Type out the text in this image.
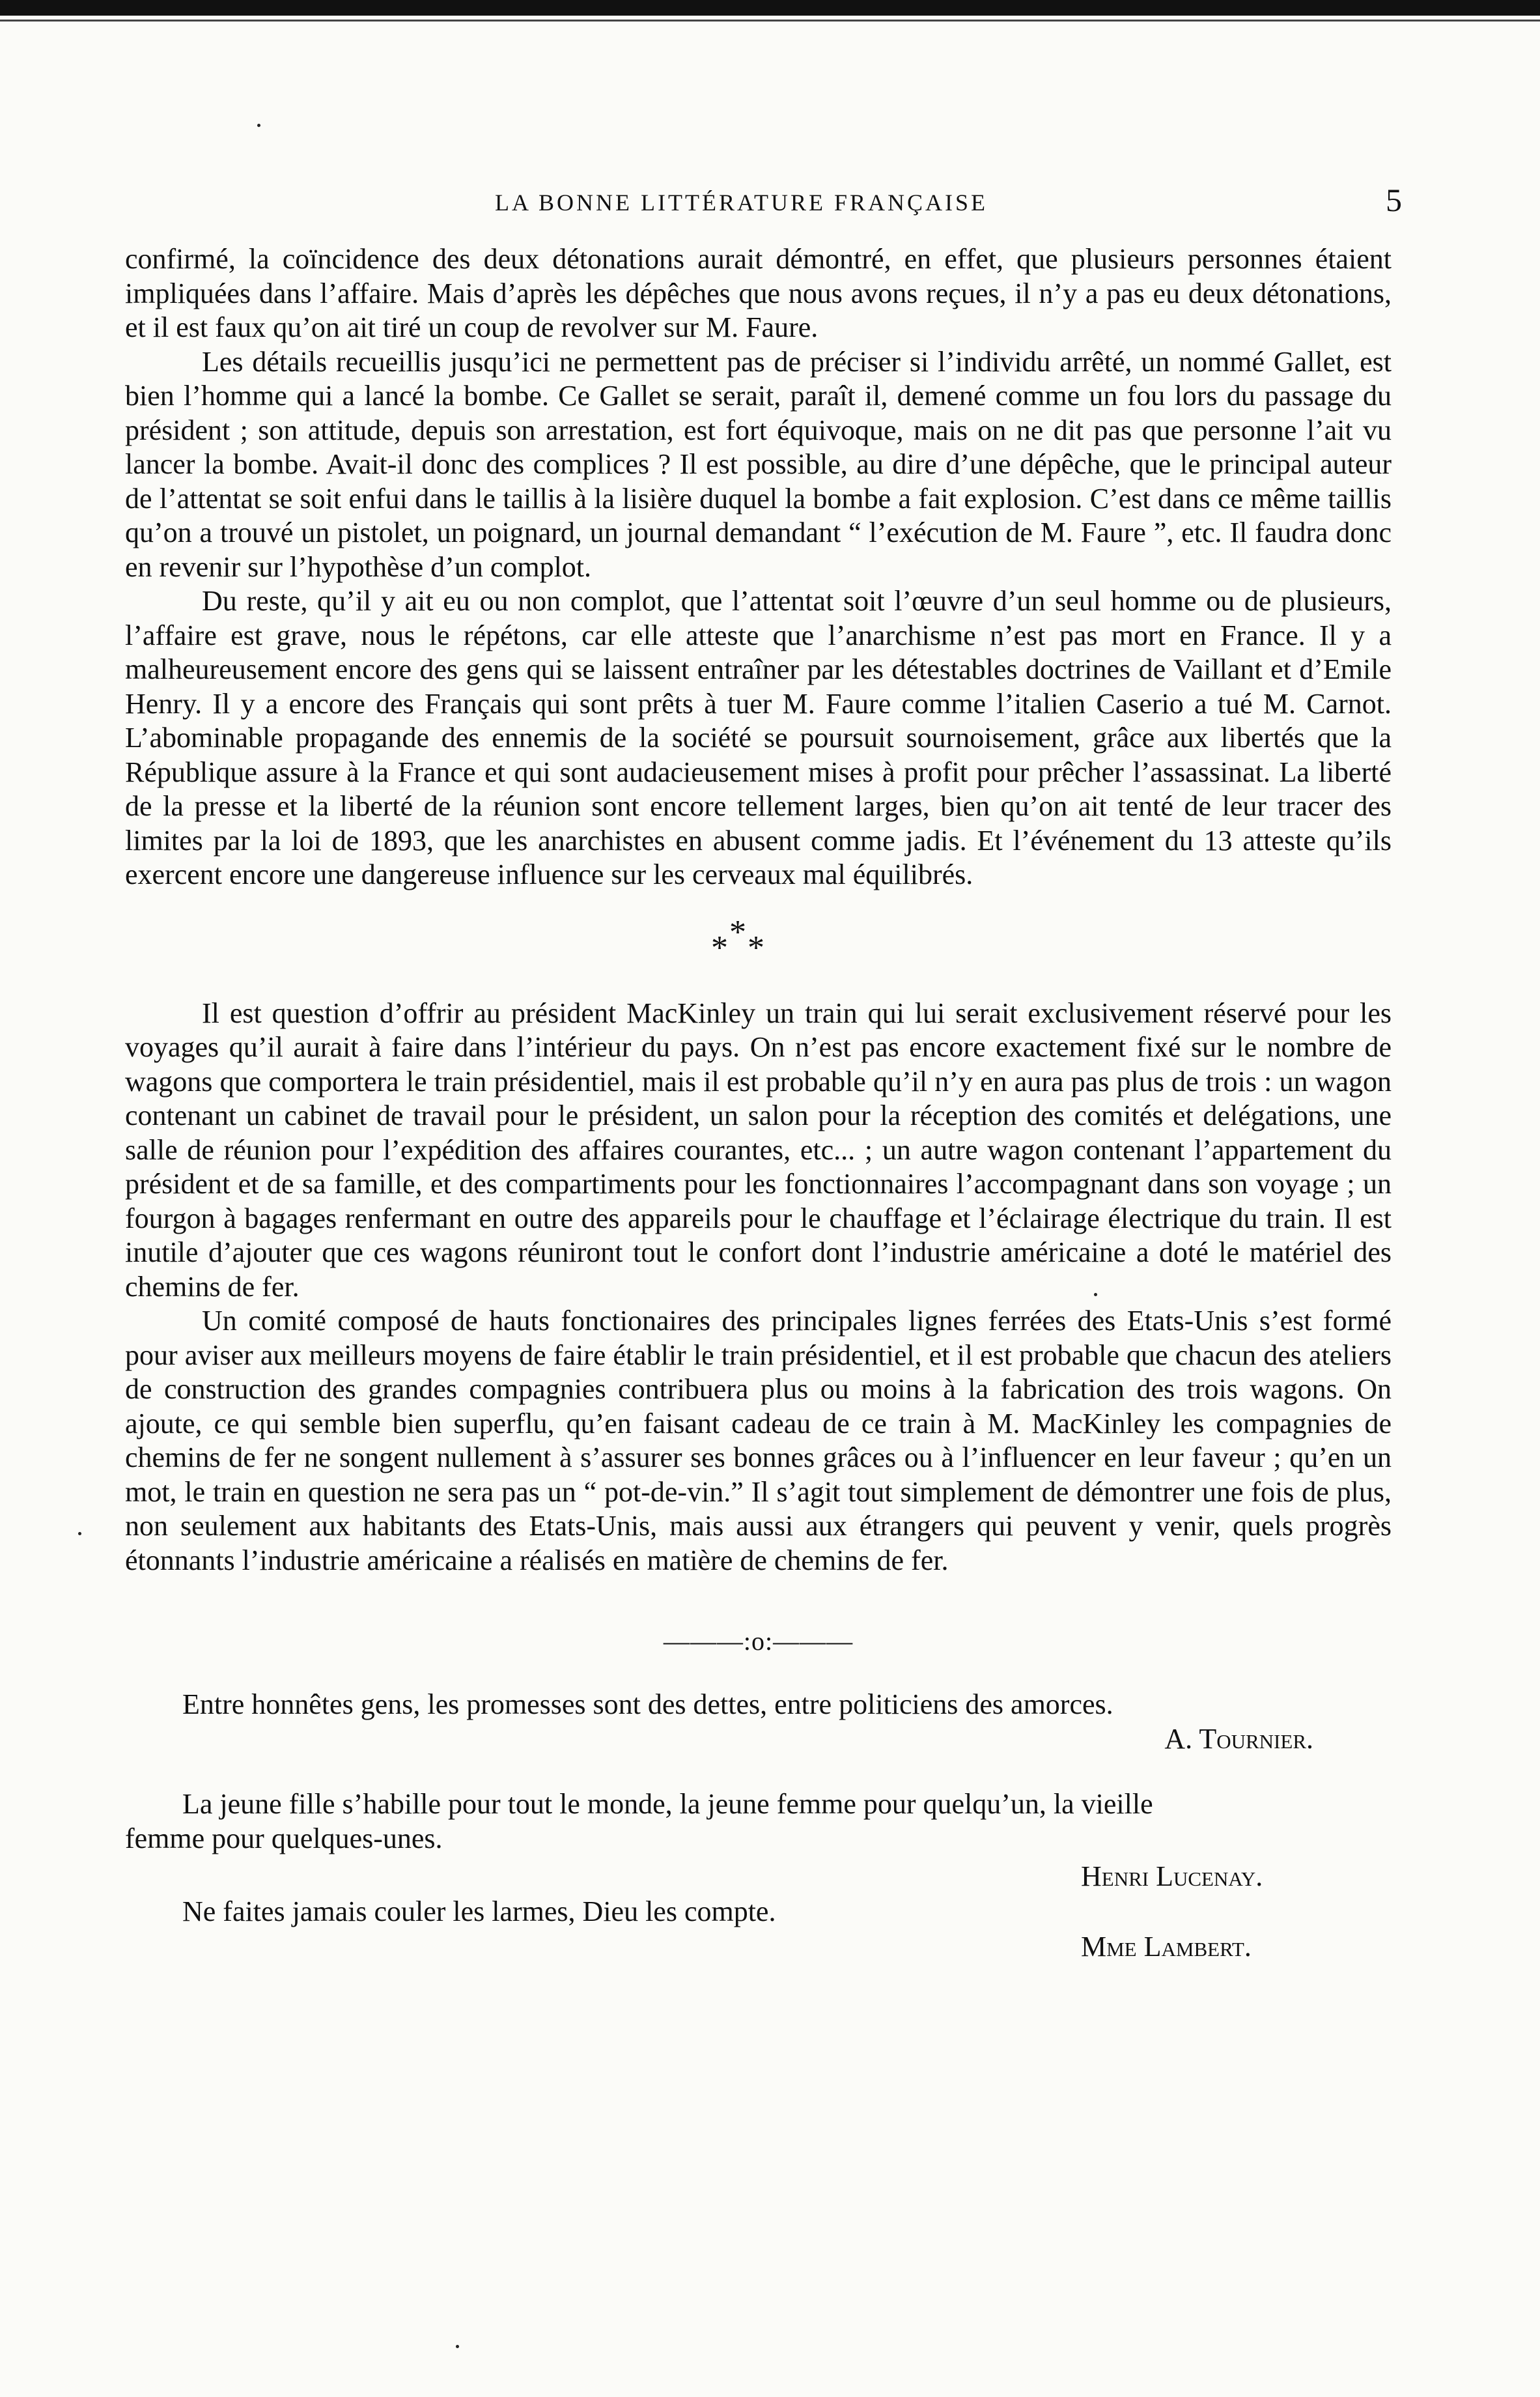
LA BONNE LITTÉRATURE FRANÇAISE	5

confirmé, la coïncidence des deux détonations aurait démontré, en effet, que plusieurs personnes étaient impliquées dans l’affaire. Mais d’après les dépêches que nous avons reçues, il n’y a pas eu deux détonations, et il est faux qu’on ait tiré un coup de revolver sur M. Faure.

Les détails recueillis jusqu’ici ne permettent pas de préciser si l’individu arrêté, un nommé Gallet, est bien l’homme qui a lancé la bombe. Ce Gallet se serait, paraît il, demené comme un fou lors du passage du président ; son attitude, depuis son arrestation, est fort équivoque, mais on ne dit pas que personne l’ait vu lancer la bombe. Avait-il donc des complices ? Il est possible, au dire d’une dépêche, que le principal auteur de l’attentat se soit enfui dans le taillis à la lisière duquel la bombe a fait explosion. C’est dans ce même taillis qu’on a trouvé un pistolet, un poignard, un journal demandant “ l’exécution de M. Faure ”, etc. Il faudra donc en revenir sur l’hypothèse d’un complot.

Du reste, qu’il y ait eu ou non complot, que l’attentat soit l’œuvre d’un seul homme ou de plusieurs, l’affaire est grave, nous le répétons, car elle atteste que l’anarchisme n’est pas mort en France. Il y a malheureusement encore des gens qui se laissent entraîner par les détestables doctrines de Vaillant et d’Emile Henry. Il y a encore des Français qui sont prêts à tuer M. Faure comme l’italien Caserio a tué M. Carnot. L’abominable propagande des ennemis de la société se poursuit sournoisement, grâce aux libertés que la République assure à la France et qui sont audacieusement mises à profit pour prêcher l’assassinat. La liberté de la presse et la liberté de la réunion sont encore tellement larges, bien qu’on ait tenté de leur tracer des limites par la loi de 1893, que les anarchistes en abusent comme jadis. Et l’événement du 13 atteste qu’ils exercent encore une dangereuse influence sur les cerveaux mal équilibrés.

*
* *

Il est question d’offrir au président MacKinley un train qui lui serait exclusivement réservé pour les voyages qu’il aurait à faire dans l’intérieur du pays. On n’est pas encore exactement fixé sur le nombre de wagons que comportera le train présidentiel, mais il est probable qu’il n’y en aura pas plus de trois : un wagon contenant un cabinet de travail pour le président, un salon pour la réception des comités et delégations, une salle de réunion pour l’expédition des affaires courantes, etc... ; un autre wagon contenant l’appartement du président et de sa famille, et des compartiments pour les fonctionnaires l’accompagnant dans son voyage ; un fourgon à bagages renfermant en outre des appareils pour le chauffage et l’éclairage électrique du train. Il est inutile d’ajouter que ces wagons réuniront tout le confort dont l’industrie américaine a doté le matériel des chemins de fer.

Un comité composé de hauts fonctionaires des principales lignes ferrées des Etats-Unis s’est formé pour aviser aux meilleurs moyens de faire établir le train présidentiel, et il est probable que chacun des ateliers de construction des grandes compagnies contribuera plus ou moins à la fabrication des trois wagons. On ajoute, ce qui semble bien superflu, qu’en faisant cadeau de ce train à M. MacKinley les compagnies de chemins de fer ne songent nullement à s’assurer ses bonnes grâces ou à l’influencer en leur faveur ; qu’en un mot, le train en question ne sera pas un “ pot-de-vin.” Il s’agit tout simplement de démontrer une fois de plus, non seulement aux habitants des Etats-Unis, mais aussi aux étrangers qui peuvent y venir, quels progrès étonnants l’industrie américaine a réalisés en matière de chemins de fer.

———:o:———
Entre honnêtes gens, les promesses sont des dettes, entre politiciens des amorces.
A. Tournier.
La jeune fille s’habille pour tout le monde, la jeune femme pour quelqu’un, la vieille
femme pour quelques-unes.
Henri Lucenay.
Ne faites jamais couler les larmes, Dieu les compte.
Mme Lambert.
